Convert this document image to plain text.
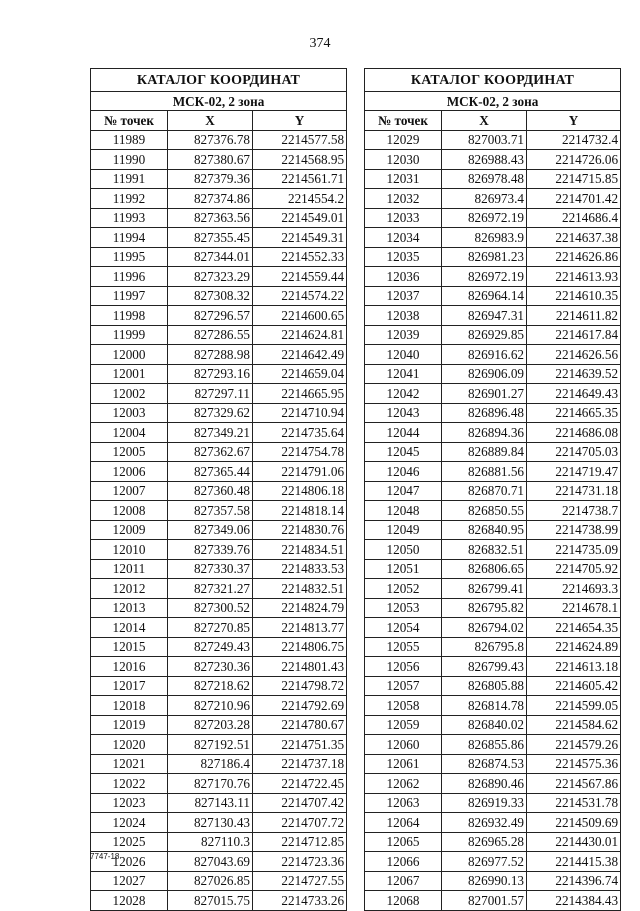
374
КАТАЛОГ КООРДИНАТ		
МСК-02, 2 зона		
№ точек	X	Y
11989	827376.78	2214577.58
11990	827380.67	2214568.95
11991	827379.36	2214561.71
11992	827374.86	2214554.2
11993	827363.56	2214549.01
11994	827355.45	2214549.31
11995	827344.01	2214552.33
11996	827323.29	2214559.44
11997	827308.32	2214574.22
11998	827296.57	2214600.65
11999	827286.55	2214624.81
12000	827288.98	2214642.49
12001	827293.16	2214659.04
12002	827297.11	2214665.95
12003	827329.62	2214710.94
12004	827349.21	2214735.64
12005	827362.67	2214754.78
12006	827365.44	2214791.06
12007	827360.48	2214806.18
12008	827357.58	2214818.14
12009	827349.06	2214830.76
12010	827339.76	2214834.51
12011	827330.37	2214833.53
12012	827321.27	2214832.51
12013	827300.52	2214824.79
12014	827270.85	2214813.77
12015	827249.43	2214806.75
12016	827230.36	2214801.43
12017	827218.62	2214798.72
12018	827210.96	2214792.69
12019	827203.28	2214780.67
12020	827192.51	2214751.35
12021	827186.4	2214737.18
12022	827170.76	2214722.45
12023	827143.11	2214707.42
12024	827130.43	2214707.72
12025	827110.3	2214712.85
12026	827043.69	2214723.36
12027	827026.85	2214727.55
12028	827015.75	2214733.26
КАТАЛОГ КООРДИНАТ		
МСК-02, 2 зона		
№ точек	X	Y
12029	827003.71	2214732.4
12030	826988.43	2214726.06
12031	826978.48	2214715.85
12032	826973.4	2214701.42
12033	826972.19	2214686.4
12034	826983.9	2214637.38
12035	826981.23	2214626.86
12036	826972.19	2214613.93
12037	826964.14	2214610.35
12038	826947.31	2214611.82
12039	826929.85	2214617.84
12040	826916.62	2214626.56
12041	826906.09	2214639.52
12042	826901.27	2214649.43
12043	826896.48	2214665.35
12044	826894.36	2214686.08
12045	826889.84	2214705.03
12046	826881.56	2214719.47
12047	826870.71	2214731.18
12048	826850.55	2214738.7
12049	826840.95	2214738.99
12050	826832.51	2214735.09
12051	826806.65	2214705.92
12052	826799.41	2214693.3
12053	826795.82	2214678.1
12054	826794.02	2214654.35
12055	826795.8	2214624.89
12056	826799.43	2214613.18
12057	826805.88	2214605.42
12058	826814.78	2214599.05
12059	826840.02	2214584.62
12060	826855.86	2214579.26
12061	826874.53	2214575.36
12062	826890.46	2214567.86
12063	826919.33	2214531.78
12064	826932.49	2214509.69
12065	826965.28	2214430.01
12066	826977.52	2214415.38
12067	826990.13	2214396.74
12068	827001.57	2214384.43
7747-18
